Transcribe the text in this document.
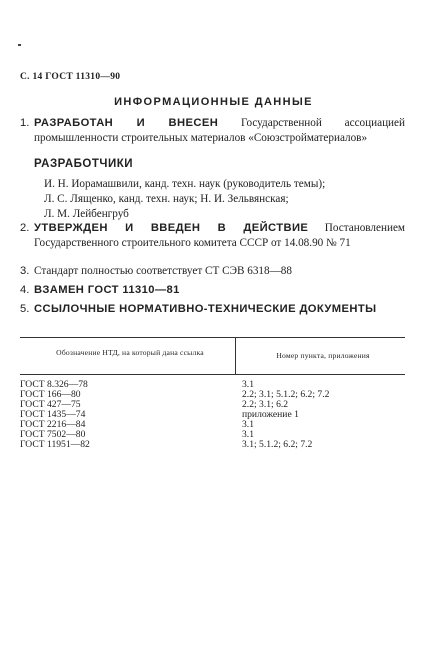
С. 14 ГОСТ 11310—90
ИНФОРМАЦИОННЫЕ ДАННЫЕ
1. РАЗРАБОТАН И ВНЕСЕН Государственной ассоциацией промышленности строительных материалов «Союзстройматериалов»
РАЗРАБОТЧИКИ
И. Н. Иорамашвили, канд. техн. наук (руководитель темы);
Л. С. Лященко, канд. техн. наук; Н. И. Зельвянская;
Л. М. Лейбенгруб
2. УТВЕРЖДЕН И ВВЕДЕН В ДЕЙСТВИЕ Постановлением Государственного строительного комитета СССР от 14.08.90 № 71
3. Стандарт полностью соответствует СТ СЭВ 6318—88
4. ВЗАМЕН ГОСТ 11310—81
5. ССЫЛОЧНЫЕ НОРМАТИВНО-ТЕХНИЧЕСКИЕ ДОКУМЕНТЫ
Обозначение НТД, на который дана ссылка	Номер пункта, приложения
ГОСТ 8.326—78	3.1
ГОСТ 166—80	2.2; 3.1; 5.1.2; 6.2; 7.2
ГОСТ 427—75	2.2; 3.1; 6.2
ГОСТ 1435—74	приложение 1
ГОСТ 2216—84	3.1
ГОСТ 7502—80	3.1
ГОСТ 11951—82	3.1; 5.1.2; 6.2; 7.2
